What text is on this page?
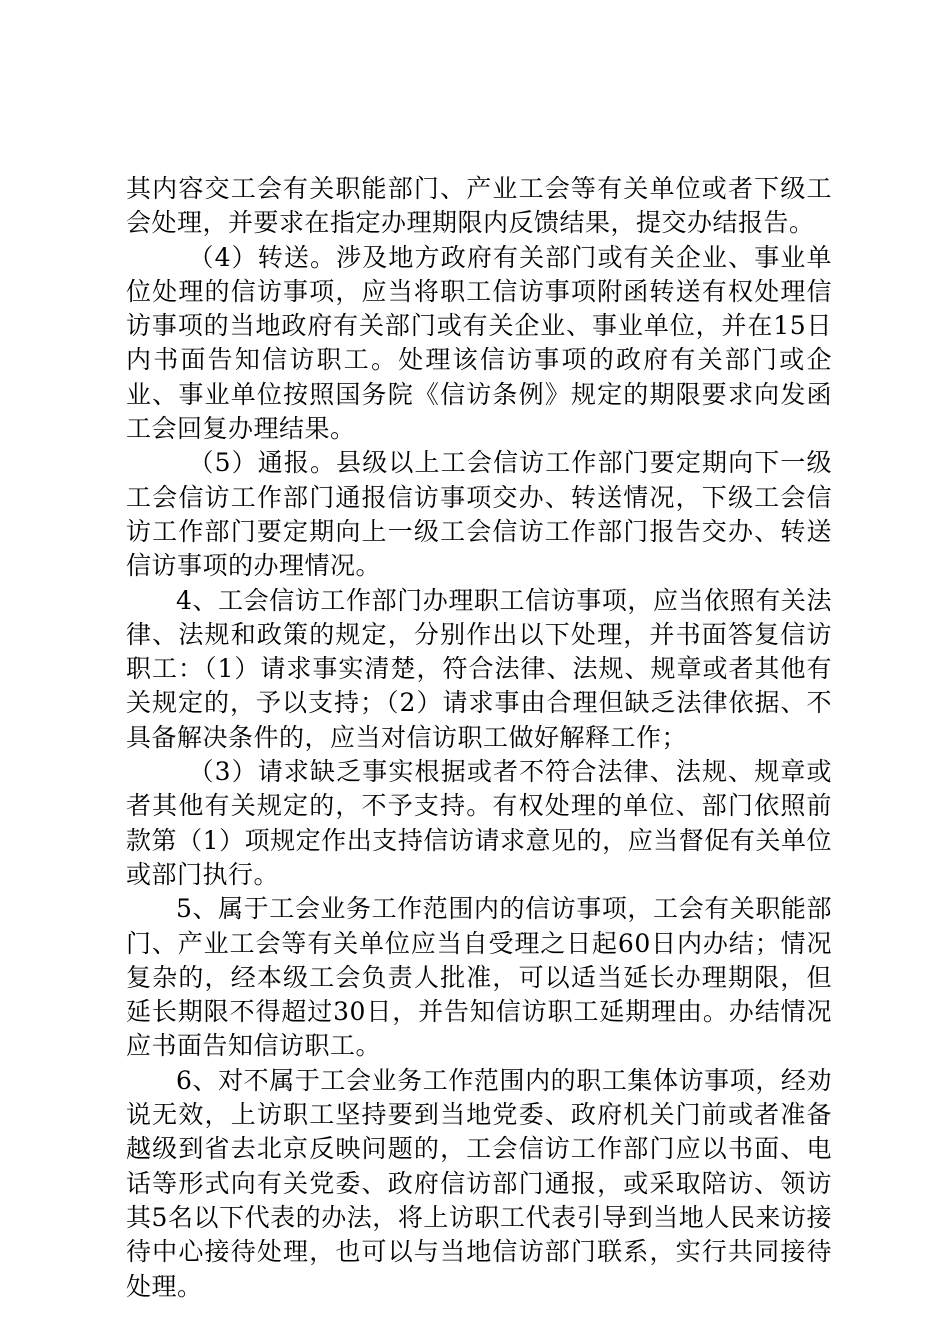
其内容交工会有关职能部门、产业工会等有关单位或者下级工会处理，并要求在指定办理期限内反馈结果，提交办结报告。

（4）转送。涉及地方政府有关部门或有关企业、事业单位处理的信访事项，应当将职工信访事项附函转送有权处理信访事项的当地政府有关部门或有关企业、事业单位，并在15日内书面告知信访职工。处理该信访事项的政府有关部门或企业、事业单位按照国务院《信访条例》规定的期限要求向发函工会回复办理结果。

（5）通报。县级以上工会信访工作部门要定期向下一级工会信访工作部门通报信访事项交办、转送情况，下级工会信访工作部门要定期向上一级工会信访工作部门报告交办、转送信访事项的办理情况。

4、工会信访工作部门办理职工信访事项，应当依照有关法律、法规和政策的规定，分别作出以下处理，并书面答复信访职工：（1）请求事实清楚，符合法律、法规、规章或者其他有关规定的，予以支持；（2）请求事由合理但缺乏法律依据、不具备解决条件的，应当对信访职工做好解释工作；

（3）请求缺乏事实根据或者不符合法律、法规、规章或者其他有关规定的，不予支持。有权处理的单位、部门依照前款第（1）项规定作出支持信访请求意见的，应当督促有关单位或部门执行。

5、属于工会业务工作范围内的信访事项，工会有关职能部门、产业工会等有关单位应当自受理之日起60日内办结；情况复杂的，经本级工会负责人批准，可以适当延长办理期限，但延长期限不得超过30日，并告知信访职工延期理由。办结情况应书面告知信访职工。

6、对不属于工会业务工作范围内的职工集体访事项，经劝说无效，上访职工坚持要到当地党委、政府机关门前或者准备越级到省去北京反映问题的，工会信访工作部门应以书面、电话等形式向有关党委、政府信访部门通报，或采取陪访、领访其5名以下代表的办法，将上访职工代表引导到当地人民来访接待中心接待处理，也可以与当地信访部门联系，实行共同接待处理。
